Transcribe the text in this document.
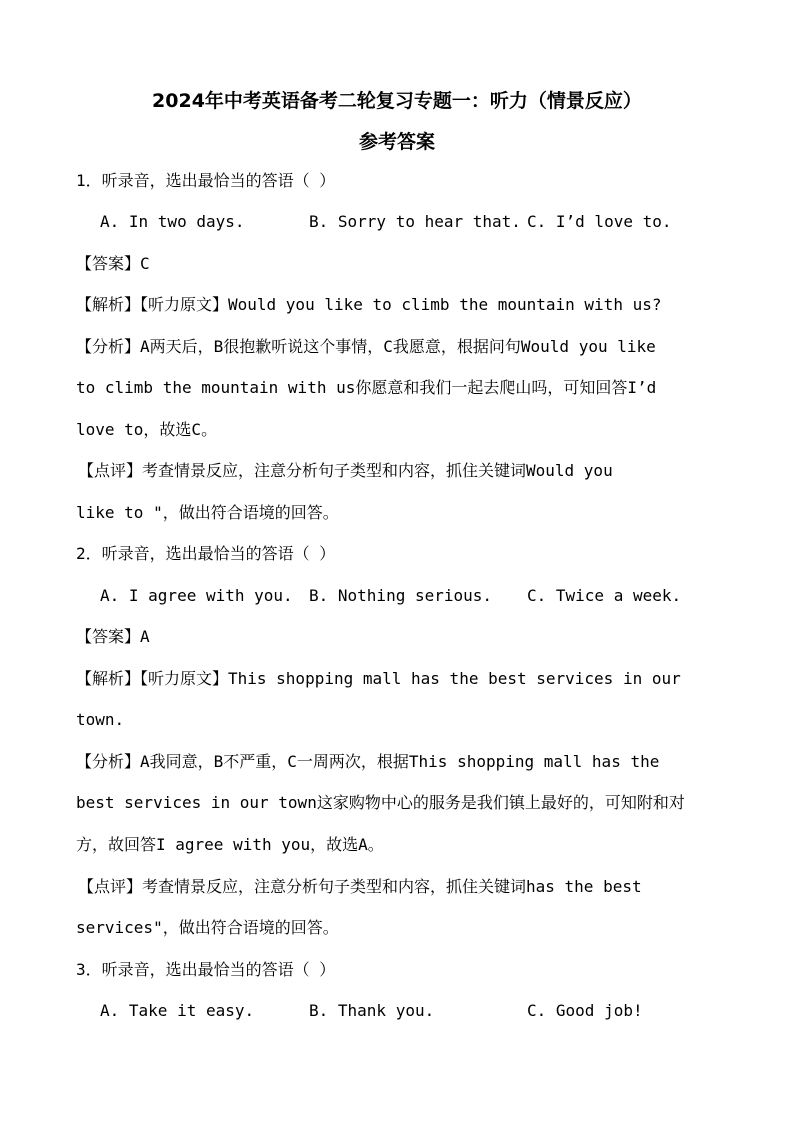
2024年中考英语备考二轮复习专题一：听力（情景反应）
参考答案
1．听录音，选出最恰当的答语（ ）
A. In two days.	B. Sorry to hear that. C. I’d love to.
【答案】C
【解析】【听力原文】Would you like to climb the mountain with us?
【分析】A两天后，B很抱歉听说这个事情，C我愿意，根据问句Would you like
to climb the mountain with us你愿意和我们一起去爬山吗，可知回答I’d
love to，故选C。
【点评】考查情景反应，注意分析句子类型和内容，抓住关键词Would you
like to "，做出符合语境的回答。
2．听录音，选出最恰当的答语（ ）
A. I agree with you. B. Nothing serious. C. Twice a week.
【答案】A
【解析】【听力原文】This shopping mall has the best services in our
town.
【分析】A我同意，B不严重，C一周两次，根据This shopping mall has the
best services in our town这家购物中心的服务是我们镇上最好的，可知附和对
方，故回答I agree with you，故选A。
【点评】考查情景反应，注意分析句子类型和内容，抓住关键词has the best
services"，做出符合语境的回答。
3．听录音，选出最恰当的答语（ ）
A. Take it easy.	B. Thank you.	C. Good job!
